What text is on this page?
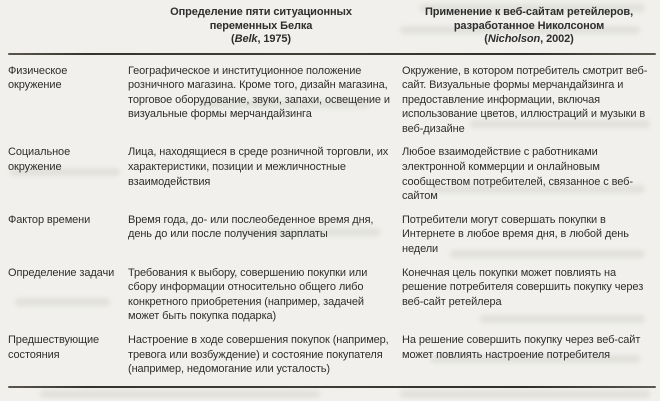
Определение пяти ситуационных переменных Белка
(Belk, 1975)
Применение к веб-сайтам ретейлеров, разработанное Николсоном
(Nicholson, 2002)
Физическое окружение
Географическое и институционное положение розничного магазина. Кроме того, дизайн магазина, торговое оборудование, звуки, запахи, освещение и визуальные формы мерчандайзинга
Окружение, в котором потребитель смотрит веб-сайт. Визуальные формы мерчандайзинга и предоставление информации, включая использование цветов, иллюстраций и музыки в веб-дизайне
Социальное окружение
Лица, находящиеся в среде розничной торговли, их характеристики, позиции и межличностные взаимодействия
Любое взаимодействие с работниками электронной коммерции и онлайновым сообществом потребителей, связанное с веб-сайтом
Фактор времени	Время года, до- или послеобеденное время дня, день до или после получения зарплаты
Потребители могут совершать покупки в Интернете в любое время дня, в любой день недели
Определение задачи	Требования к выбору, совершению покупки или сбору информации относительно общего либо конкретного приобретения (например, задачей может быть покупка подарка)
Конечная цель покупки может повлиять на решение потребителя совершить покупку через веб-сайт ретейлера
Предшествующие состояния
Настроение в ходе совершения покупок (например, тревога или возбуждение) и состояние покупателя (например, недомогание или усталость)
На решение совершить покупку через веб-сайт может повлиять настроение потребителя
